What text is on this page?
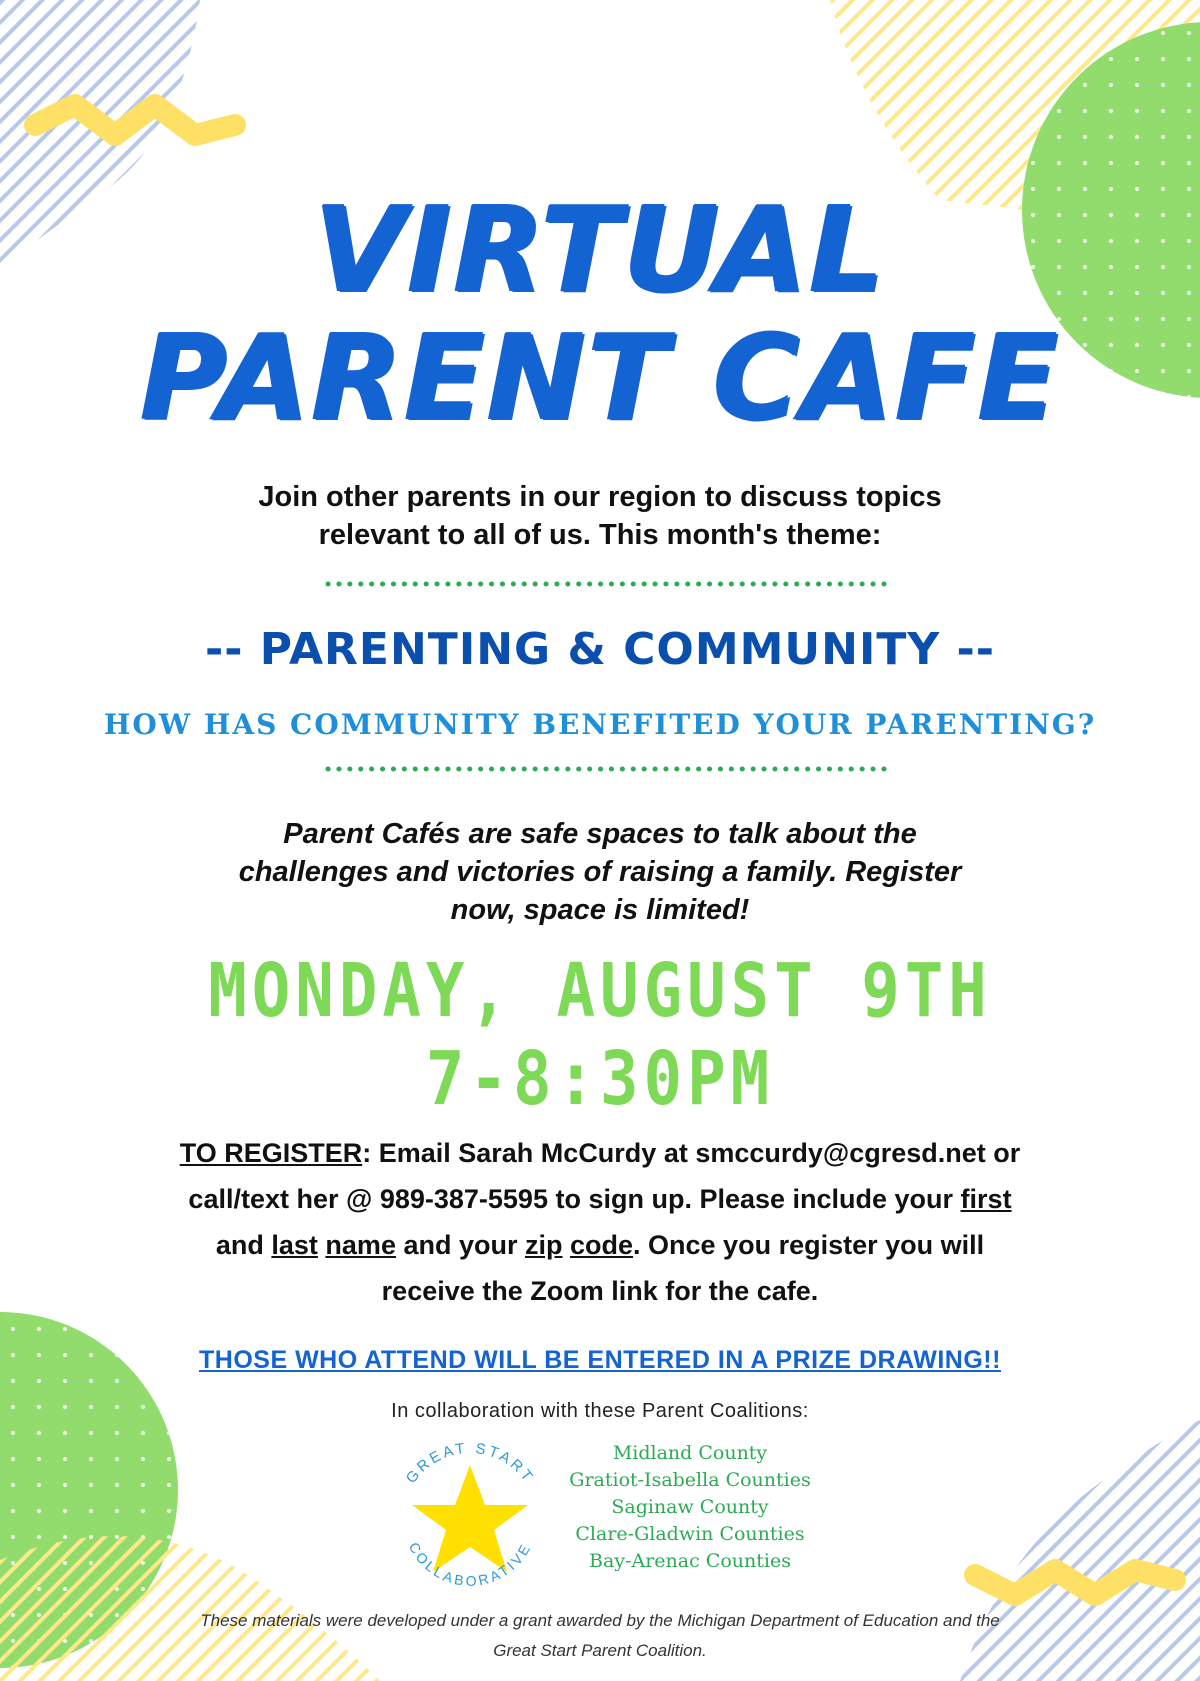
VIRTUAL
PARENT CAFE
Join other parents in our region to discuss topics
relevant to all of us. This month's theme:
-- PARENTING & COMMUNITY --
HOW HAS COMMUNITY BENEFITED YOUR PARENTING?
Parent Cafés are safe spaces to talk about the
challenges and victories of raising a family. Register
now, space is limited!
MONDAY, AUGUST 9TH
7-8:30PM
TO REGISTER: Email Sarah McCurdy at smccurdy@cgresd.net or
call/text her @ 989-387-5595 to sign up. Please include your first
and last name and your zip code. Once you register you will
receive the Zoom link for the cafe.
THOSE WHO ATTEND WILL BE ENTERED IN A PRIZE DRAWING!!
In collaboration with these Parent Coalitions:
GREAT START
COLLABORATIVE
Midland County
Gratiot-Isabella Counties
Saginaw County
Clare-Gladwin Counties
Bay-Arenac Counties
These materials were developed under a grant awarded by the Michigan Department of Education and the
Great Start Parent Coalition.
